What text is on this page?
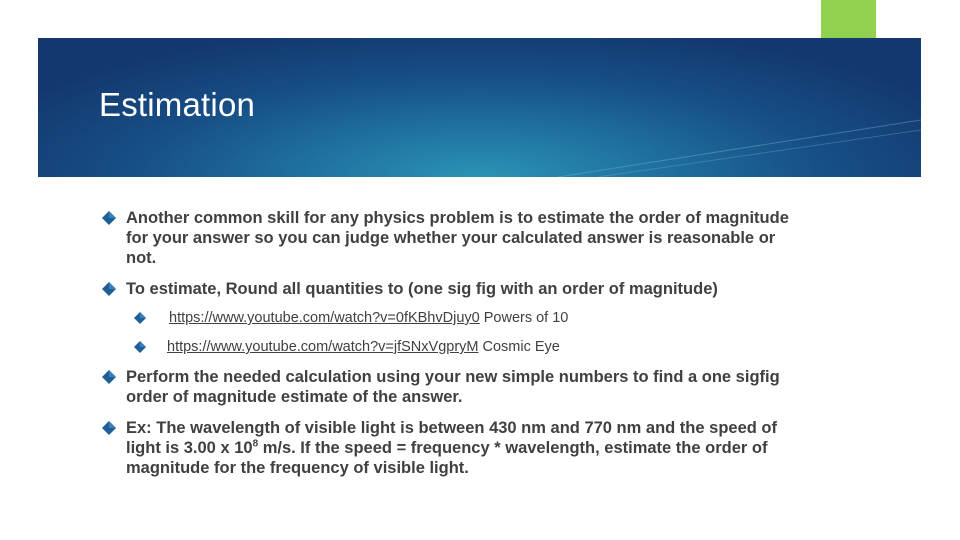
Estimation
Another common skill for any physics problem is to estimate the order of magnitude for your answer so you can judge whether your calculated answer is reasonable or not.
To estimate, Round all quantities to (one sig fig with an order of magnitude)
https://www.youtube.com/watch?v=0fKBhvDjuy0 Powers of 10
https://www.youtube.com/watch?v=jfSNxVgpryM Cosmic Eye
Perform the needed calculation using your new simple numbers to find a one sigfig order of magnitude estimate of the answer.
Ex: The wavelength of visible light is between 430 nm and 770 nm and the speed of light is 3.00 x $10^8$ m/s. If the speed = frequency * wavelength, estimate the order of magnitude for the frequency of visible light.
